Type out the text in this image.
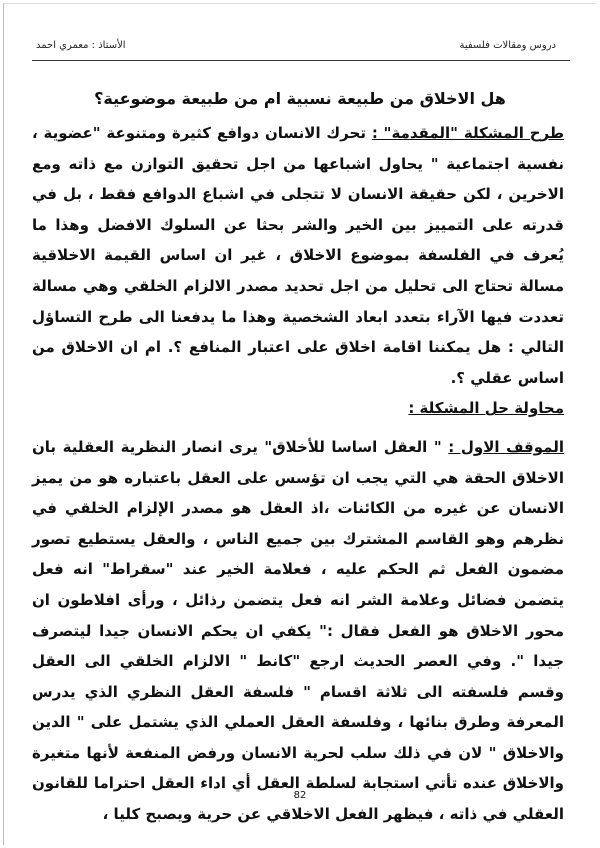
الأستاذ : معمري احمد	دروس ومقالات فلسفية
هل الاخلاق من طبيعة نسبية ام من طبيعة موضوعية؟

طرح المشكلة "المقدمة" : تحرك الانسان دوافع كثيرة ومتنوعة "عضوية ، نفسية اجتماعية " يحاول اشباعها من اجل تحقيق التوازن مع ذاته ومع الاخرين ، لكن حقيقة الانسان لا تتجلى في اشباع الدوافع فقط ، بل في قدرته على التمييز بين الخير والشر بحثا عن السلوك الافضل وهذا ما يُعرف في الفلسفة بموضوع الاخلاق ، غير ان اساس القيمة الاخلاقية مسالة تحتاج الى تحليل من اجل تحديد مصدر الالزام الخلقي وهي مسالة تعددت فيها الآراء بتعدد ابعاد الشخصية وهذا ما يدفعنا الى طرح التساؤل التالي : هل يمكننا اقامة اخلاق على اعتبار المنافع ؟. ام ان الاخلاق من اساس عقلي ؟.

محاولة حل المشكلة :

الموقف الاول : " العقل اساسا للأخلاق" يرى انصار النظرية العقلية بان الاخلاق الحقة هي التي يجب ان تؤسس على العقل باعتباره هو من يميز الانسان عن غيره من الكائنات ،اذ العقل هو مصدر الإلزام الخلقي في نظرهم وهو القاسم المشترك بين جميع الناس ، والعقل يستطيع تصور مضمون الفعل ثم الحكم عليه ، فعلامة الخير عند "سقراط" انه فعل يتضمن فضائل وعلامة الشر انه فعل يتضمن رذائل ، ورأى افلاطون ان محور الاخلاق هو الفعل فقال :" يكفي ان يحكم الانسان جيدا ليتصرف جيدا ". وفي العصر الحديث ارجع "كانط " الالزام الخلقي الى العقل وقسم فلسفته الى ثلاثة اقسام " فلسفة العقل النظري الذي يدرس المعرفة وطرق بنائها ، وفلسفة العقل العملي الذي يشتمل على " الدين والاخلاق " لان في ذلك سلب لحرية الانسان ورفض المنفعة لأنها متغيرة والاخلاق عنده تأتي استجابة لسلطة العقل أي اداء العقل احتراما للقانون العقلي في ذاته ، فيظهر الفعل الاخلاقي عن حرية ويصبح كليا ،

82
